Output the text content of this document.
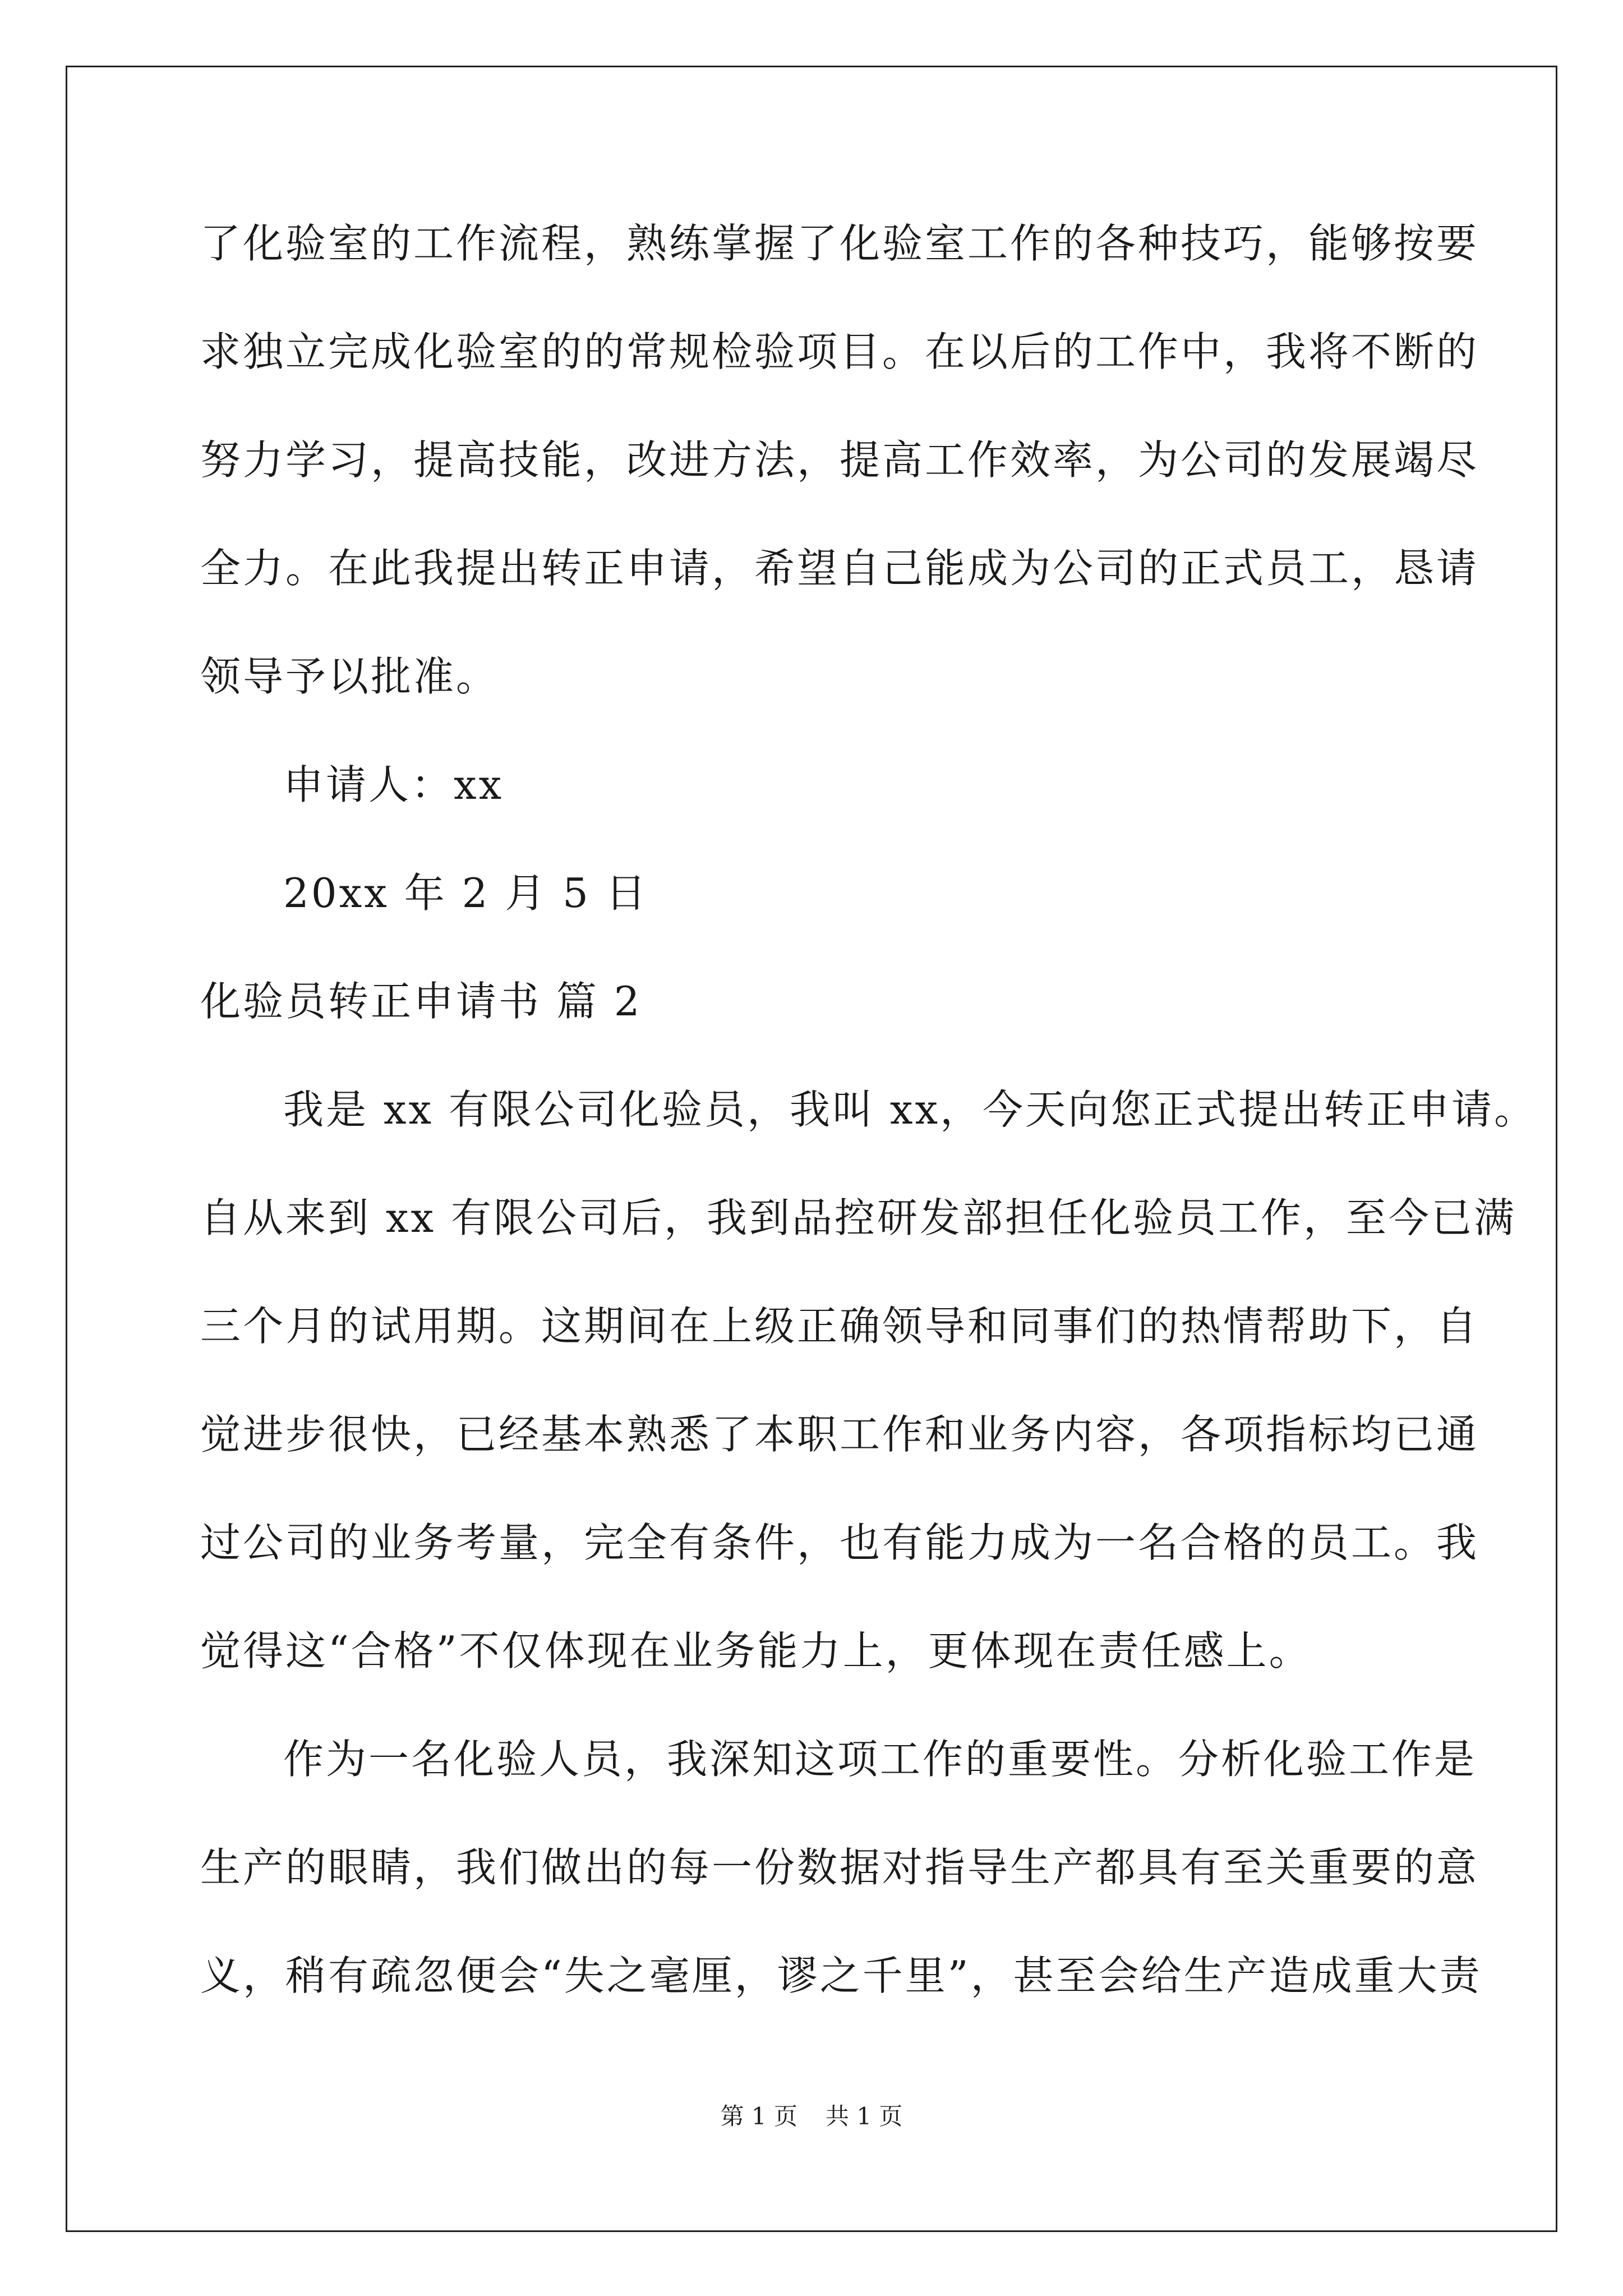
了化验室的工作流程，熟练掌握了化验室工作的各种技巧，能够按要
求独立完成化验室的的常规检验项目。在以后的工作中，我将不断的
努力学习，提高技能，改进方法，提高工作效率，为公司的发展竭尽
全力。在此我提出转正申请，希望自己能成为公司的正式员工，恳请
领导予以批准。
申请人：xx
20xx 年 2 月 5 日
化验员转正申请书 篇 2
我是 xx 有限公司化验员，我叫 xx，今天向您正式提出转正申请。
自从来到 xx 有限公司后，我到品控研发部担任化验员工作，至今已满
三个月的试用期。这期间在上级正确领导和同事们的热情帮助下，自
觉进步很快，已经基本熟悉了本职工作和业务内容，各项指标均已通
过公司的业务考量，完全有条件，也有能力成为一名合格的员工。我
觉得这“合格”不仅体现在业务能力上，更体现在责任感上。
作为一名化验人员，我深知这项工作的重要性。分析化验工作是
生产的眼睛，我们做出的每一份数据对指导生产都具有至关重要的意
义，稍有疏忽便会“失之毫厘，谬之千里”，甚至会给生产造成重大责
第 1 页 共 1 页
